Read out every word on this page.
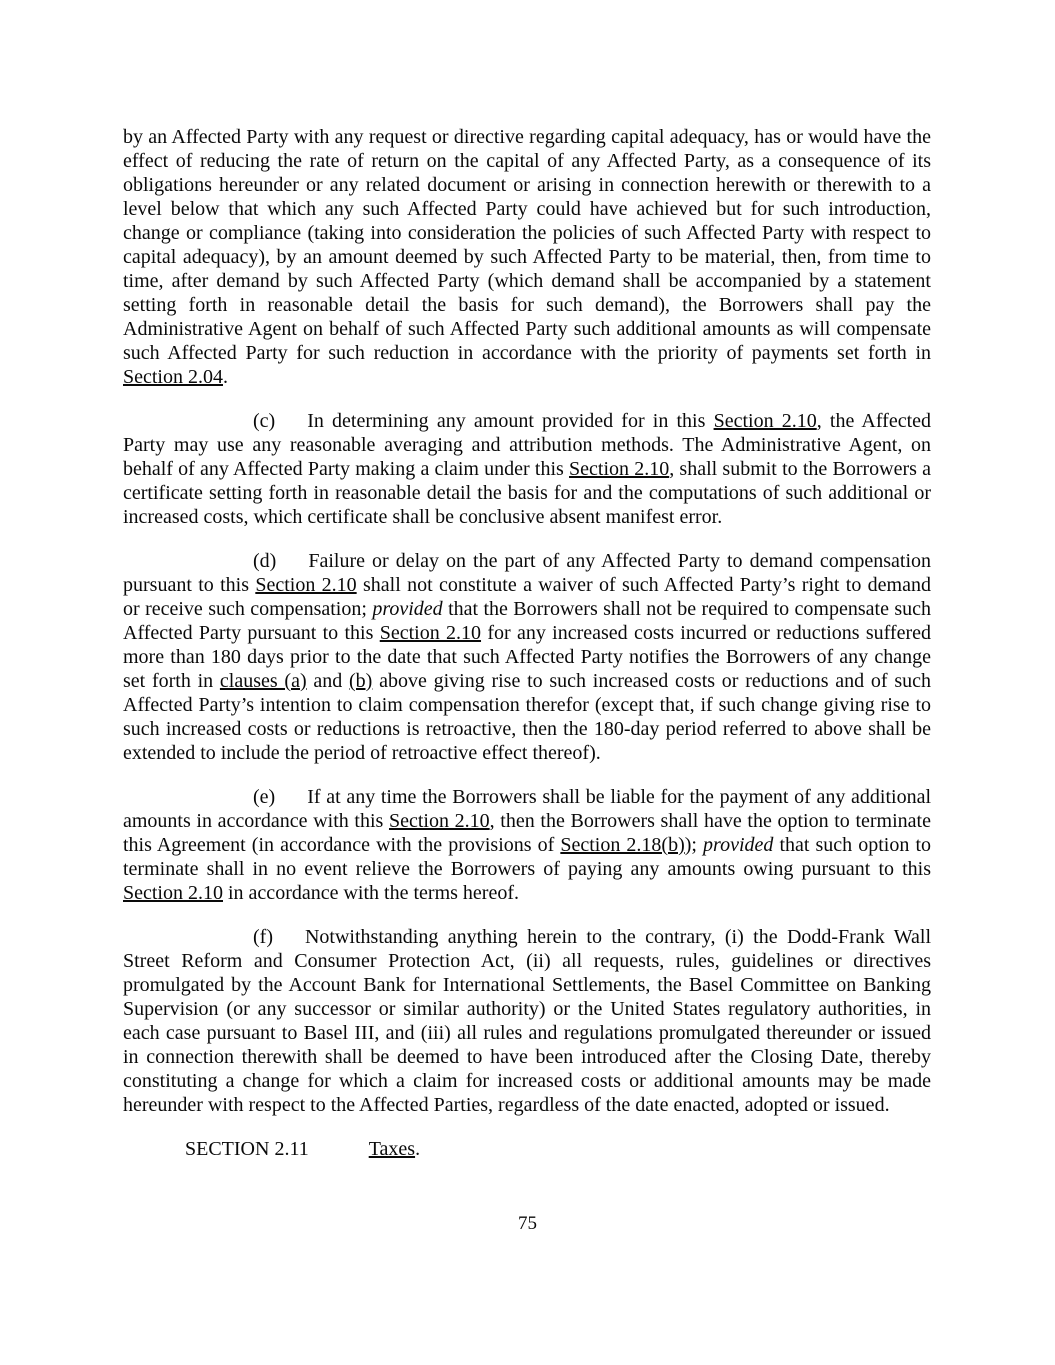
by an Affected Party with any request or directive regarding capital adequacy, has or would have the effect of reducing the rate of return on the capital of any Affected Party, as a consequence of its obligations hereunder or any related document or arising in connection herewith or therewith to a level below that which any such Affected Party could have achieved but for such introduction, change or compliance (taking into consideration the policies of such Affected Party with respect to capital adequacy), by an amount deemed by such Affected Party to be material, then, from time to time, after demand by such Affected Party (which demand shall be accompanied by a statement setting forth in reasonable detail the basis for such demand), the Borrowers shall pay the Administrative Agent on behalf of such Affected Party such additional amounts as will compensate such Affected Party for such reduction in accordance with the priority of payments set forth in Section 2.04.

(c) In determining any amount provided for in this Section 2.10, the Affected Party may use any reasonable averaging and attribution methods. The Administrative Agent, on behalf of any Affected Party making a claim under this Section 2.10, shall submit to the Borrowers a certificate setting forth in reasonable detail the basis for and the computations of such additional or increased costs, which certificate shall be conclusive absent manifest error.

(d) Failure or delay on the part of any Affected Party to demand compensation pursuant to this Section 2.10 shall not constitute a waiver of such Affected Party’s right to demand or receive such compensation; provided that the Borrowers shall not be required to compensate such Affected Party pursuant to this Section 2.10 for any increased costs incurred or reductions suffered more than 180 days prior to the date that such Affected Party notifies the Borrowers of any change set forth in clauses (a) and (b) above giving rise to such increased costs or reductions and of such Affected Party’s intention to claim compensation therefor (except that, if such change giving rise to such increased costs or reductions is retroactive, then the 180-day period referred to above shall be extended to include the period of retroactive effect thereof).

(e) If at any time the Borrowers shall be liable for the payment of any additional amounts in accordance with this Section 2.10, then the Borrowers shall have the option to terminate this Agreement (in accordance with the provisions of Section 2.18(b)); provided that such option to terminate shall in no event relieve the Borrowers of paying any amounts owing pursuant to this Section 2.10 in accordance with the terms hereof.

(f) Notwithstanding anything herein to the contrary, (i) the Dodd-Frank Wall Street Reform and Consumer Protection Act, (ii) all requests, rules, guidelines or directives promulgated by the Account Bank for International Settlements, the Basel Committee on Banking Supervision (or any successor or similar authority) or the United States regulatory authorities, in each case pursuant to Basel III, and (iii) all rules and regulations promulgated thereunder or issued in connection therewith shall be deemed to have been introduced after the Closing Date, thereby constituting a change for which a claim for increased costs or additional amounts may be made hereunder with respect to the Affected Parties, regardless of the date enacted, adopted or issued.

SECTION 2.11	Taxes.

75
